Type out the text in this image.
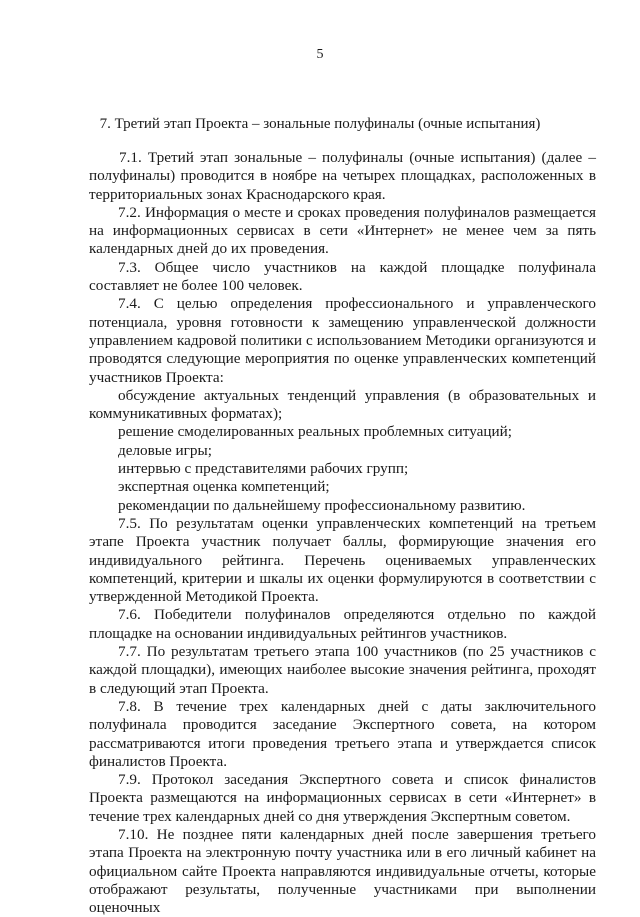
5
7. Третий этап Проекта – зональные полуфиналы (очные испытания)

7.1. Третий этап зональные – полуфиналы (очные испытания) (далее – полуфиналы) проводится в ноябре на четырех площадках, расположенных в территориальных зонах Краснодарского края.

7.2. Информация о месте и сроках проведения полуфиналов размещается на информационных сервисах в сети «Интернет» не менее чем за пять календарных дней до их проведения.

7.3. Общее число участников на каждой площадке полуфинала составляет не более 100 человек.

7.4. С целью определения профессионального и управленческого потенциала, уровня готовности к замещению управленческой должности управлением кадровой политики с использованием Методики организуются и проводятся следующие мероприятия по оценке управленческих компетенций участников Проекта:

обсуждение актуальных тенденций управления (в образовательных и коммуникативных форматах);

решение смоделированных реальных проблемных ситуаций;

деловые игры;

интервью с представителями рабочих групп;

экспертная оценка компетенций;

рекомендации по дальнейшему профессиональному развитию.

7.5. По результатам оценки управленческих компетенций на третьем этапе Проекта участник получает баллы, формирующие значения его индивидуального рейтинга. Перечень оцениваемых управленческих компетенций, критерии и шкалы их оценки формулируются в соответствии с утвержденной Методикой Проекта.

7.6. Победители полуфиналов определяются отдельно по каждой площадке на основании индивидуальных рейтингов участников.

7.7. По результатам третьего этапа 100 участников (по 25 участников с каждой площадки), имеющих наиболее высокие значения рейтинга, проходят в следующий этап Проекта.

7.8. В течение трех календарных дней с даты заключительного полуфинала проводится заседание Экспертного совета, на котором рассматриваются итоги проведения третьего этапа и утверждается список финалистов Проекта.

7.9. Протокол заседания Экспертного совета и список финалистов Проекта размещаются на информационных сервисах в сети «Интернет» в течение трех календарных дней со дня утверждения Экспертным советом.

7.10. Не позднее пяти календарных дней после завершения третьего этапа Проекта на электронную почту участника или в его личный кабинет на официальном сайте Проекта направляются индивидуальные отчеты, которые отображают результаты, полученные участниками при выполнении оценочных
